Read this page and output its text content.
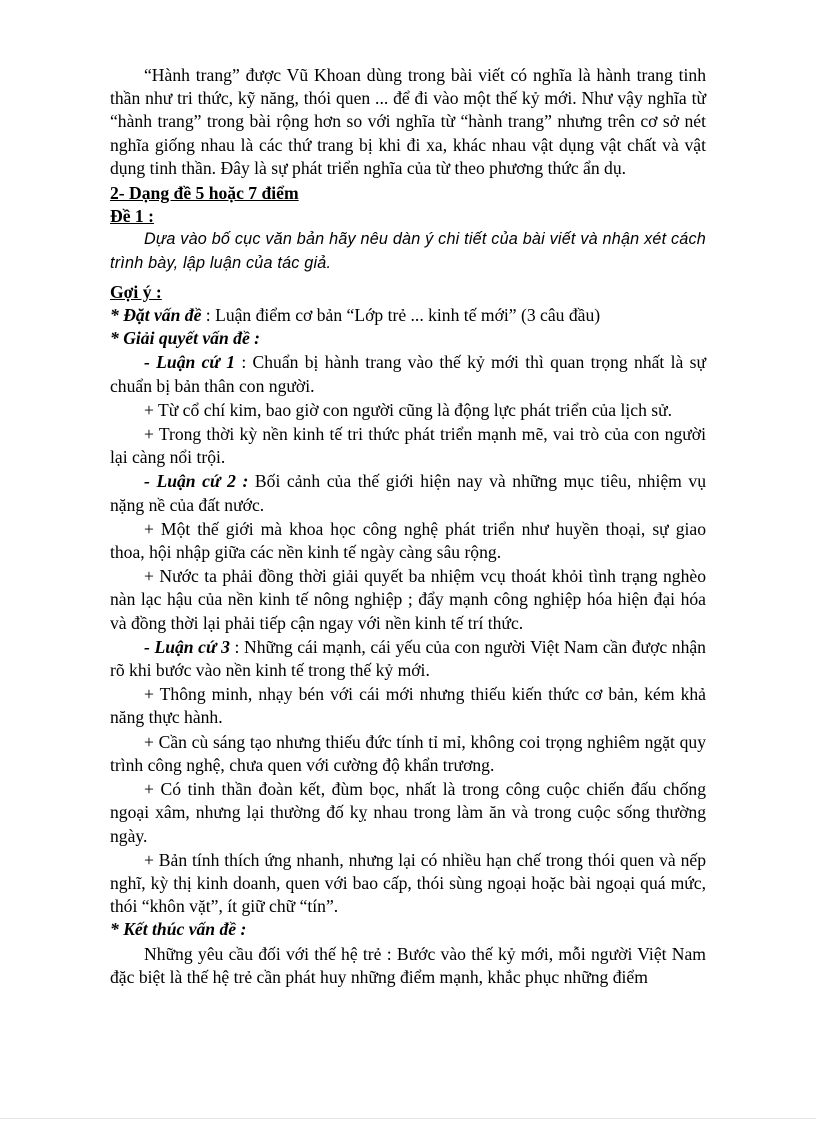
“Hành trang” được Vũ Khoan dùng trong bài viết có nghĩa là hành trang tinh thần như tri thức, kỹ năng, thói quen ... để đi vào một thế kỷ mới. Như vậy nghĩa từ “hành trang” trong bài rộng hơn so với nghĩa từ “hành trang” nhưng trên cơ sở nét nghĩa giống nhau là các thứ trang bị khi đi xa, khác nhau vật dụng vật chất và vật dụng tinh thần. Đây là sự phát triển nghĩa của từ theo phương thức ẩn dụ.

2- Dạng đề 5 hoặc 7 điểm

Đề 1 :

Dựa vào bố cục văn bản hãy nêu dàn ý chi tiết của bài viết và nhận xét cách trình bày, lập luận của tác giả.

Gợi ý :

* Đặt vấn đề : Luận điểm cơ bản “Lớp trẻ ... kinh tế mới” (3 câu đầu)

* Giải quyết vấn đề :

- Luận cứ 1 : Chuẩn bị hành trang vào thế kỷ mới thì quan trọng nhất là sự chuẩn bị bản thân con người.

+ Từ cổ chí kim, bao giờ con người cũng là động lực phát triển của lịch sử.

+ Trong thời kỳ nền kinh tế tri thức phát triển mạnh mẽ, vai trò của con người lại càng nổi trội.

- Luận cứ 2 : Bối cảnh của thế giới hiện nay và những mục tiêu, nhiệm vụ nặng nề của đất nước.

+ Một thế giới mà khoa học công nghệ phát triển như huyền thoại, sự giao thoa, hội nhập giữa các nền kinh tế ngày càng sâu rộng.

+ Nước ta phải đồng thời giải quyết ba nhiệm vcụ thoát khỏi tình trạng nghèo nàn lạc hậu của nền kinh tế nông nghiệp ; đẩy mạnh công nghiệp hóa hiện đại hóa và đồng thời lại phải tiếp cận ngay với nền kinh tế trí thức.

- Luận cứ 3 : Những cái mạnh, cái yếu của con người Việt Nam cần được nhận rõ khi bước vào nền kinh tế trong thế kỷ mới.

+ Thông minh, nhạy bén với cái mới nhưng thiếu kiến thức cơ bản, kém khả năng thực hành.

+ Cần cù sáng tạo nhưng thiếu đức tính tỉ mỉ, không coi trọng nghiêm ngặt quy trình công nghệ, chưa quen với cường độ khẩn trương.

+ Có tinh thần đoàn kết, đùm bọc, nhất là trong công cuộc chiến đấu chống ngoại xâm, nhưng lại thường đố kỵ nhau trong làm ăn và trong cuộc sống thường ngày.

+ Bản tính thích ứng nhanh, nhưng lại có nhiều hạn chế trong thói quen và nếp nghĩ, kỳ thị kinh doanh, quen với bao cấp, thói sùng ngoại hoặc bài ngoại quá mức, thói “khôn vặt”, ít giữ chữ “tín”.

* Kết thúc vấn đề :

Những yêu cầu đối với thế hệ trẻ : Bước vào thế kỷ mới, mỗi người Việt Nam đặc biệt là thế hệ trẻ cần phát huy những điểm mạnh, khắc phục những điểm
